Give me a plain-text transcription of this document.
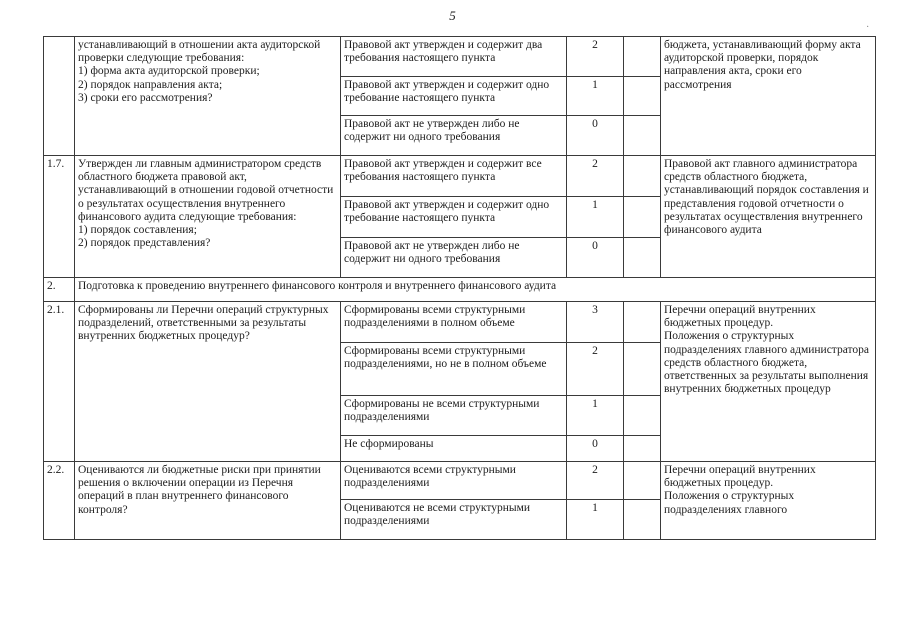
5
·
	устанавливающий в отношении акта аудиторской проверки следующие требования:
1) форма акта аудиторской проверки;
2) порядок направления акта;
3) сроки его рассмотрения?	Правовой акт утвержден и содержит два требования настоящего пункта	2		бюджета, устанавливающий форму акта аудиторской проверки, порядок направления акта, сроки его рассмотрения
		Правовой акт утвержден и содержит одно требование настоящего пункта	1		
		Правовой акт не утвержден либо не содержит ни одного требования	0		
1.7.	Утвержден ли главным администратором средств областного бюджета правовой акт, устанавливающий в отношении годовой отчетности о результатах осуществления внутреннего финансового аудита следующие требования:
1) порядок составления;
2) порядок представления?	Правовой акт утвержден и содержит все требования настоящего пункта	2		Правовой акт главного администратора средств областного бюджета, устанавливающий порядок составления и представления годовой отчетности о результатах осуществления внутреннего финансового аудита
		Правовой акт утвержден и содержит одно требование настоящего пункта	1		
		Правовой акт не утвержден либо не содержит ни одного требования	0		
2.	Подготовка к проведению внутреннего финансового контроля и внутреннего финансового аудита				
2.1.	Сформированы ли Перечни операций структурных подразделений, ответственными за результаты внутренних бюджетных процедур?	Сформированы всеми структурными подразделениями в полном объеме	3		Перечни операций внутренних бюджетных процедур.
Положения о структурных подразделениях главного администратора средств областного бюджета, ответственных за результаты выполнения внутренних бюджетных процедур
		Сформированы всеми структурными подразделениями, но не в полном объеме	2		
		Сформированы не всеми структурными подразделениями	1		
		Не сформированы	0		
2.2.	Оцениваются ли бюджетные риски при принятии решения о включении операции из Перечня операций в план внутреннего финансового контроля?	Оцениваются всеми структурными подразделениями	2		Перечни операций внутренних бюджетных процедур.
Положения о структурных подразделениях главного
		Оцениваются не всеми структурными подразделениями	1		
